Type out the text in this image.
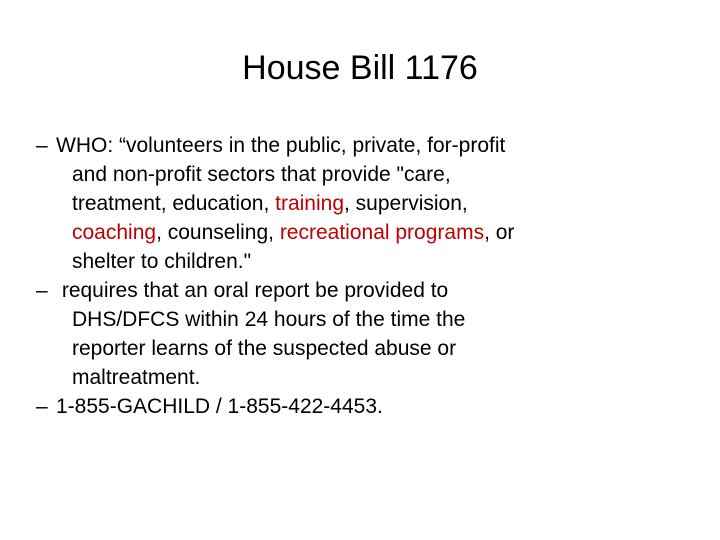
House Bill 1176
– WHO: “volunteers in the public, private, for-profit
and non-profit sectors that provide "care,
treatment, education, training, supervision,
coaching, counseling, recreational programs, or
shelter to children."
– requires that an oral report be provided to
DHS/DFCS within 24 hours of the time the
reporter learns of the suspected abuse or
maltreatment.
– 1-855-GACHILD / 1-855-422-4453.
